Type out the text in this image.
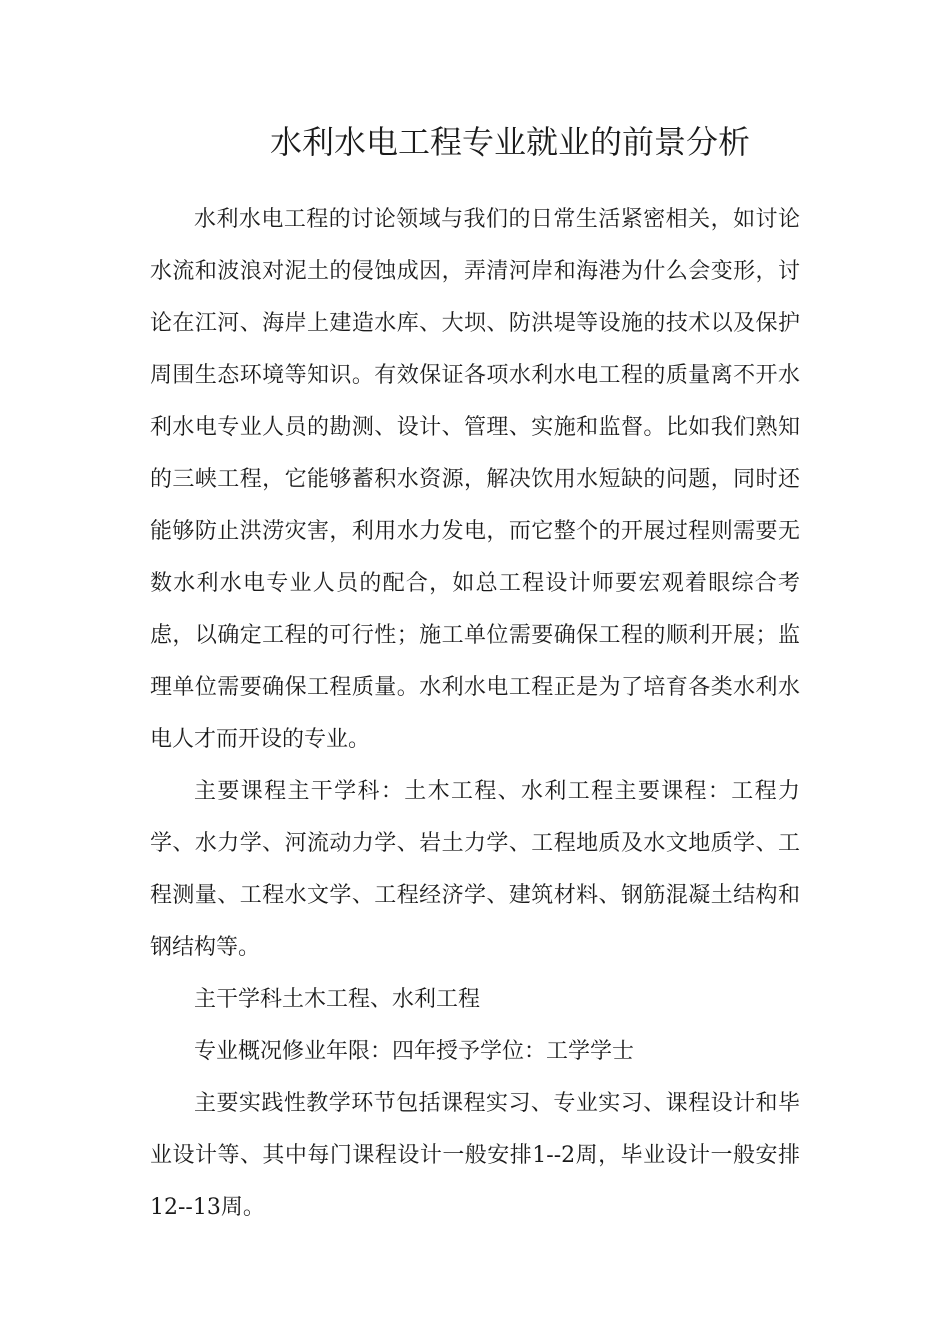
水利水电工程专业就业的前景分析

水利水电工程的讨论领域与我们的日常生活紧密相关，如讨论
水流和波浪对泥土的侵蚀成因，弄清河岸和海港为什么会变形，讨
论在江河、海岸上建造水库、大坝、防洪堤等设施的技术以及保护
周围生态环境等知识。有效保证各项水利水电工程的质量离不开水
利水电专业人员的勘测、设计、管理、实施和监督。比如我们熟知
的三峡工程，它能够蓄积水资源，解决饮用水短缺的问题，同时还
能够防止洪涝灾害，利用水力发电，而它整个的开展过程则需要无
数水利水电专业人员的配合，如总工程设计师要宏观着眼综合考
虑，以确定工程的可行性；施工单位需要确保工程的顺利开展；监
理单位需要确保工程质量。水利水电工程正是为了培育各类水利水
电人才而开设的专业。

主要课程主干学科：土木工程、水利工程主要课程：工程力
学、水力学、河流动力学、岩土力学、工程地质及水文地质学、工
程测量、工程水文学、工程经济学、建筑材料、钢筋混凝土结构和
钢结构等。

主干学科土木工程、水利工程

专业概况修业年限：四年授予学位：工学学士

主要实践性教学环节包括课程实习、专业实习、课程设计和毕
业设计等、其中每门课程设计一般安排1--2周，毕业设计一般安排
12--13周。
